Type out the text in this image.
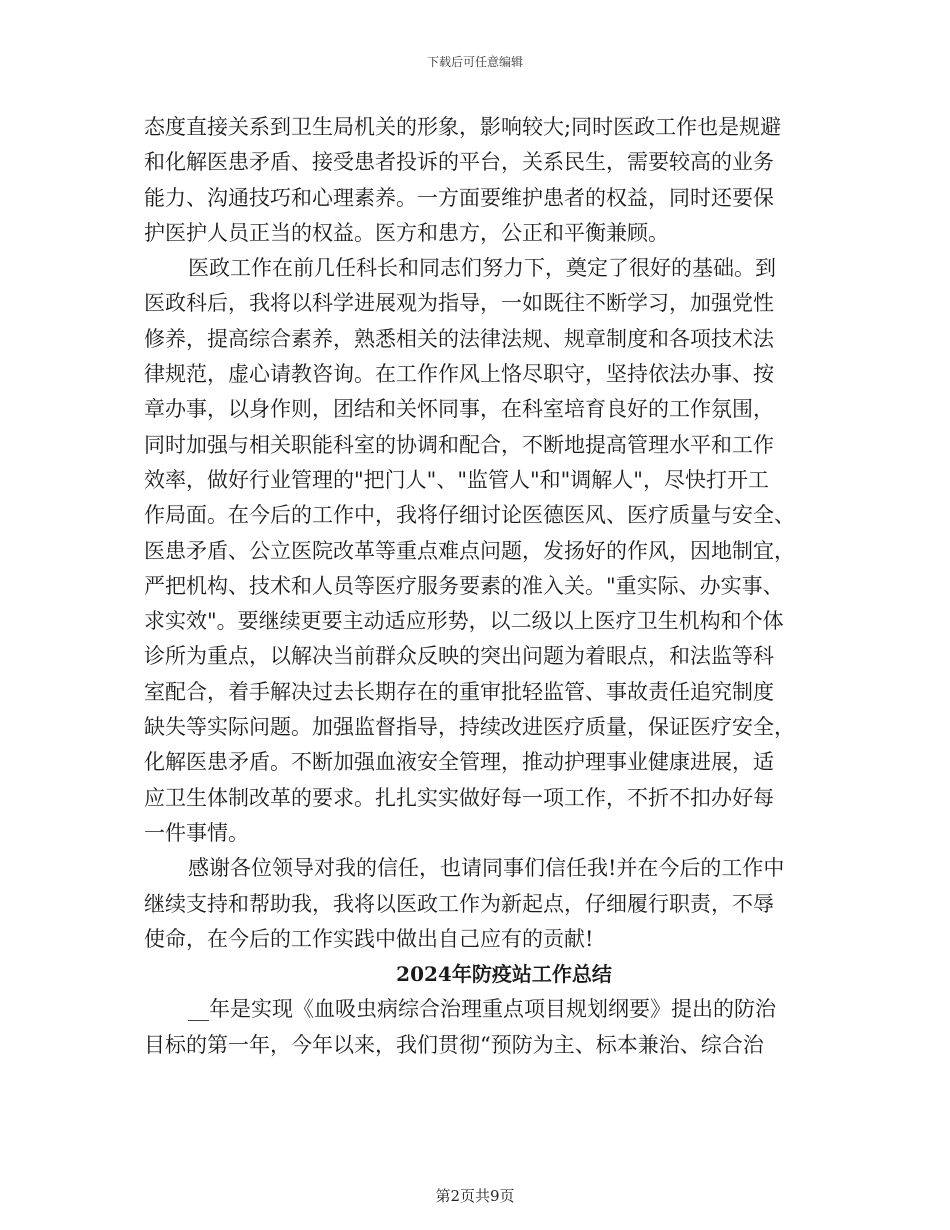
下载后可任意编辑
态度直接关系到卫生局机关的形象，影响较大;同时医政工作也是规避
和化解医患矛盾、接受患者投诉的平台，关系民生，需要较高的业务
能力、沟通技巧和心理素养。一方面要维护患者的权益，同时还要保
护医护人员正当的权益。医方和患方，公正和平衡兼顾。
医政工作在前几任科长和同志们努力下，奠定了很好的基础。到
医政科后，我将以科学进展观为指导，一如既往不断学习，加强党性
修养，提高综合素养，熟悉相关的法律法规、规章制度和各项技术法
律规范，虚心请教咨询。在工作作风上恪尽职守，坚持依法办事、按
章办事，以身作则，团结和关怀同事，在科室培育良好的工作氛围，
同时加强与相关职能科室的协调和配合，不断地提高管理水平和工作
效率，做好行业管理的"把门人"、"监管人"和"调解人"，尽快打开工
作局面。在今后的工作中，我将仔细讨论医德医风、医疗质量与安全、
医患矛盾、公立医院改革等重点难点问题，发扬好的作风，因地制宜，
严把机构、技术和人员等医疗服务要素的准入关。"重实际、办实事、
求实效"。要继续更要主动适应形势，以二级以上医疗卫生机构和个体
诊所为重点，以解决当前群众反映的突出问题为着眼点，和法监等科
室配合，着手解决过去长期存在的重审批轻监管、事故责任追究制度
缺失等实际问题。加强监督指导，持续改进医疗质量，保证医疗安全，
化解医患矛盾。不断加强血液安全管理，推动护理事业健康进展，适
应卫生体制改革的要求。扎扎实实做好每一项工作，不折不扣办好每
一件事情。
感谢各位领导对我的信任，也请同事们信任我!并在今后的工作中
继续支持和帮助我，我将以医政工作为新起点，仔细履行职责，不辱
使命，在今后的工作实践中做出自己应有的贡献!
2024年防疫站工作总结
__年是实现《血吸虫病综合治理重点项目规划纲要》提出的防治
目标的第一年，今年以来，我们贯彻“预防为主、标本兼治、综合治
第2页共9页
